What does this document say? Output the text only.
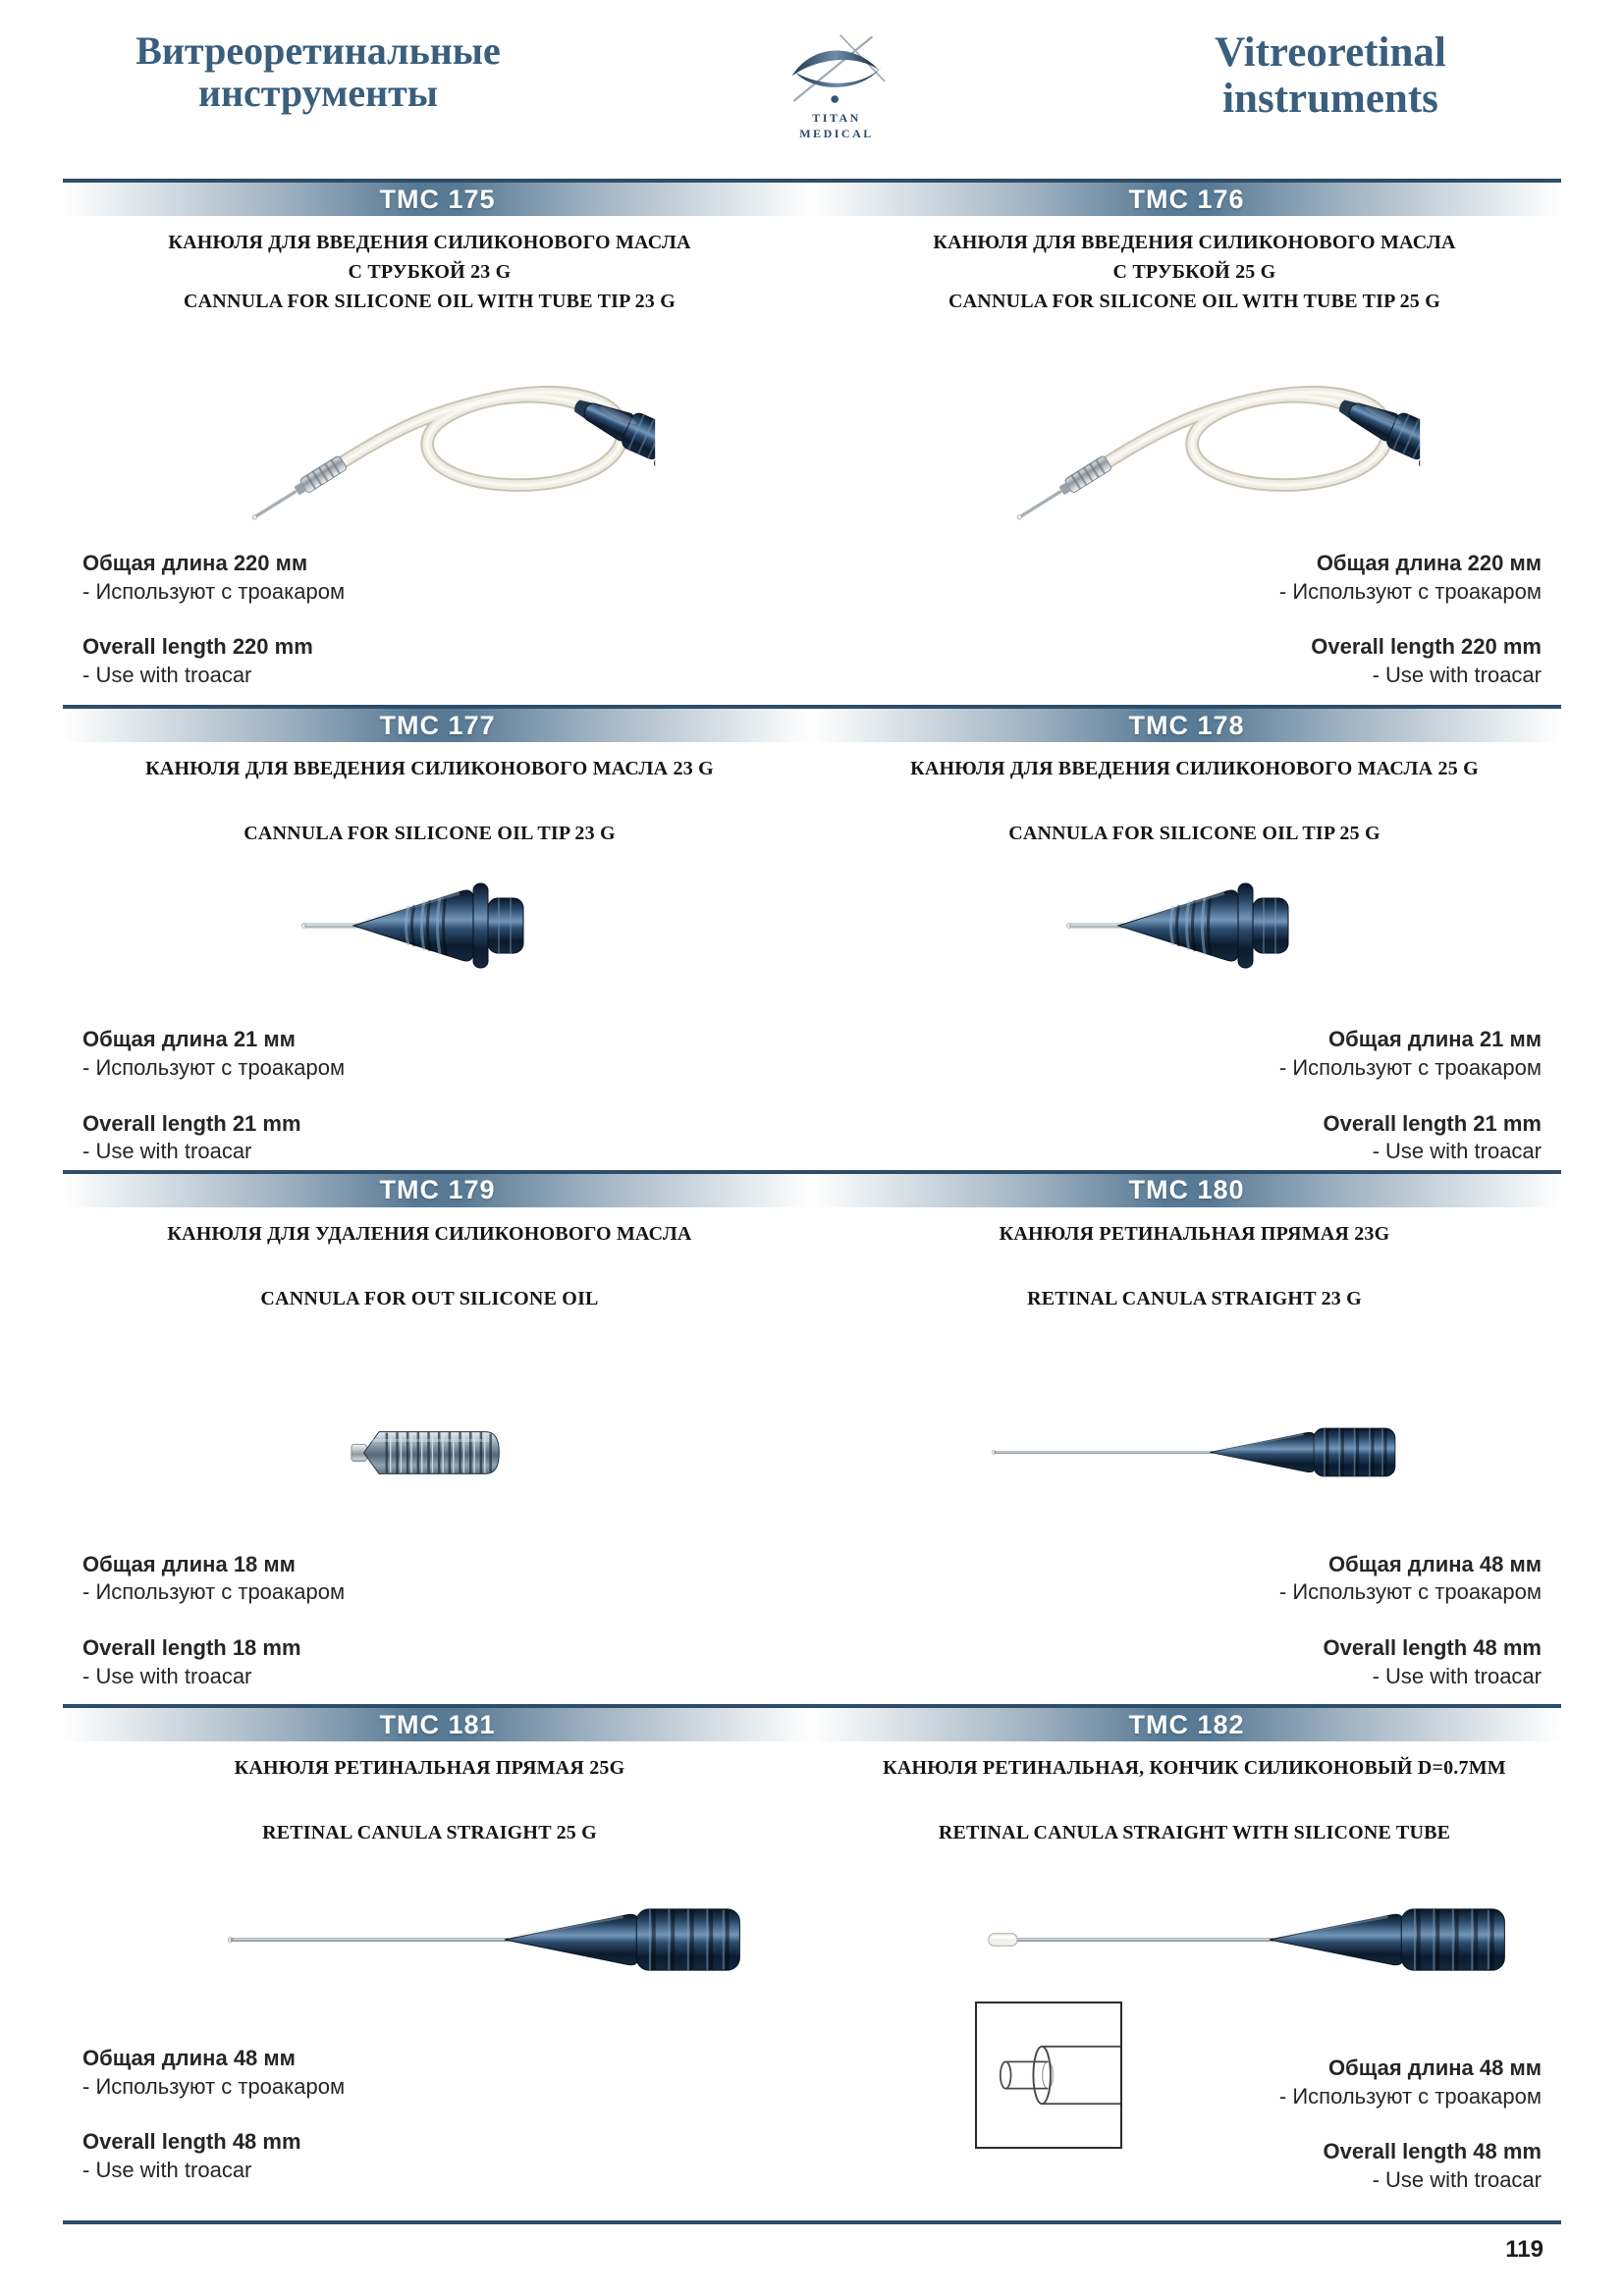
Витреоретинальные
инструменты
TITAN
MEDICAL
Vitreoretinal
instruments
TMC 175	TMC 176
КАНЮЛЯ ДЛЯ ВВЕДЕНИЯ СИЛИКОНОВОГО МАСЛА
С ТРУБКОЙ 23 G
CANNULA FOR SILICONE OIL WITH TUBE TIP 23 G

Общая длина 220 мм

- Используют с троакаром

Overall length 220 mm

- Use with troacar

КАНЮЛЯ ДЛЯ ВВЕДЕНИЯ СИЛИКОНОВОГО МАСЛА
С ТРУБКОЙ 25 G
CANNULA FOR SILICONE OIL WITH TUBE TIP 25 G

Общая длина 220 мм

- Используют с троакаром

Overall length 220 mm

- Use with troacar

TMC 177	TMC 178
КАНЮЛЯ ДЛЯ ВВЕДЕНИЯ СИЛИКОНОВОГО МАСЛА 23 G
CANNULA FOR SILICONE OIL TIP 23 G

Общая длина 21 мм

- Используют с троакаром

Overall length 21 mm

- Use with troacar

КАНЮЛЯ ДЛЯ ВВЕДЕНИЯ СИЛИКОНОВОГО МАСЛА 25 G
CANNULA FOR SILICONE OIL TIP 25 G

Общая длина 21 мм

- Используют с троакаром

Overall length 21 mm

- Use with troacar

TMC 179	TMC 180
КАНЮЛЯ ДЛЯ УДАЛЕНИЯ СИЛИКОНОВОГО МАСЛА
CANNULA FOR OUT SILICONE OIL

Общая длина 18 мм

- Используют с троакаром

Overall length 18 mm

- Use with troacar

КАНЮЛЯ РЕТИНАЛЬНАЯ ПРЯМАЯ 23G
RETINAL CANULA STRAIGHT 23 G

Общая длина 48 мм

- Используют с троакаром

Overall length 48 mm

- Use with troacar

TMC 181	TMC 182
КАНЮЛЯ РЕТИНАЛЬНАЯ ПРЯМАЯ 25G
RETINAL CANULA STRAIGHT 25 G

Общая длина 48 мм

- Используют с троакаром

Overall length 48 mm

- Use with troacar

КАНЮЛЯ РЕТИНАЛЬНАЯ, КОНЧИК СИЛИКОНОВЫЙ D=0.7ММ
RETINAL CANULA STRAIGHT WITH SILICONE TUBE

Общая длина 48 мм

- Используют с троакаром

Overall length 48 mm

- Use with troacar

119
